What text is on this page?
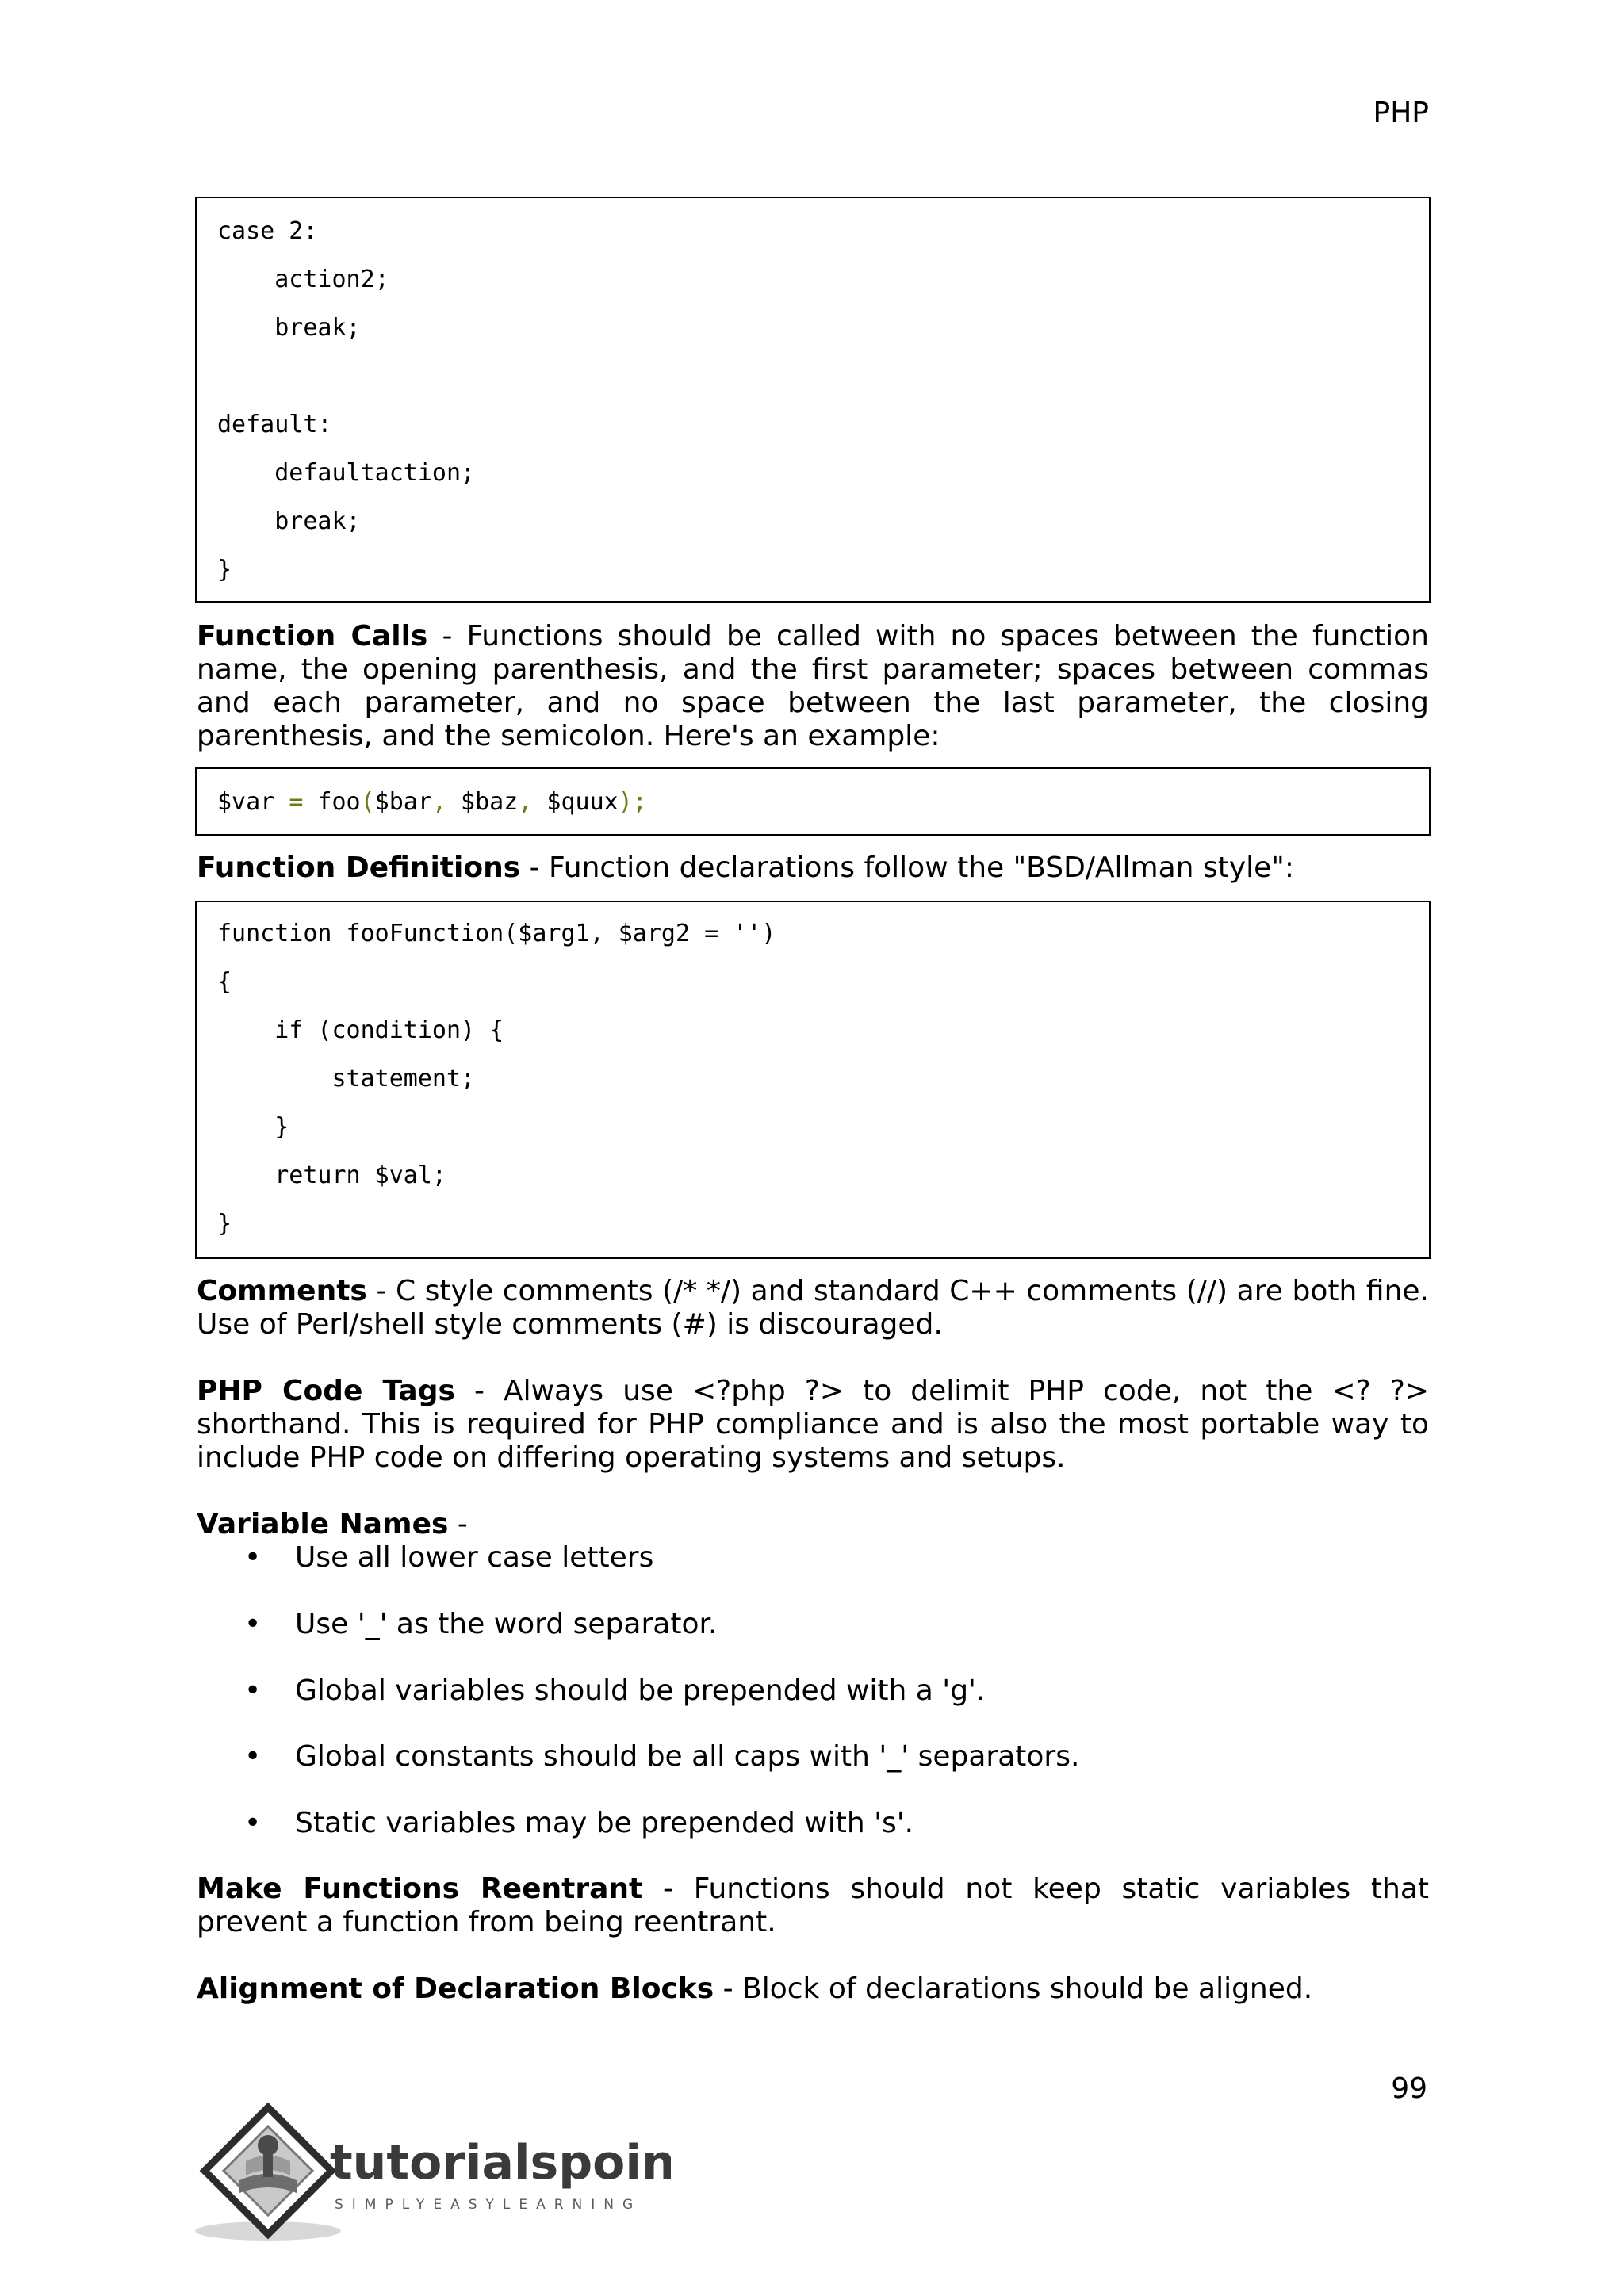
PHP
case 2:
action2;
break;
default:
defaultaction;
break;
}
Function Calls - Functions should be called with no spaces between the function name, the opening parenthesis, and the first parameter; spaces between commas and each parameter, and no space between the last parameter, the closing parenthesis, and the semicolon. Here's an example:
$var = foo($bar, $baz, $quux);
Function Definitions - Function declarations follow the "BSD/Allman style":
function fooFunction($arg1, $arg2 = '')
{
if (condition) {
statement;
}
return $val;
}
Comments - C style comments (/* */) and standard C++ comments (//) are both fine. Use of Perl/shell style comments (#) is discouraged.
PHP Code Tags - Always use <?php ?> to delimit PHP code, not the <? ?> shorthand. This is required for PHP compliance and is also the most portable way to include PHP code on differing operating systems and setups.
Variable Names -
• Use all lower case letters
• Use '_' as the word separator.
• Global variables should be prepended with a 'g'.
• Global constants should be all caps with '_' separators.
• Static variables may be prepended with 's'.
Make Functions Reentrant - Functions should not keep static variables that prevent a function from being reentrant.
Alignment of Declaration Blocks - Block of declarations should be aligned.
99
tutorialspoint
SIMPLYEASYLEARNING
